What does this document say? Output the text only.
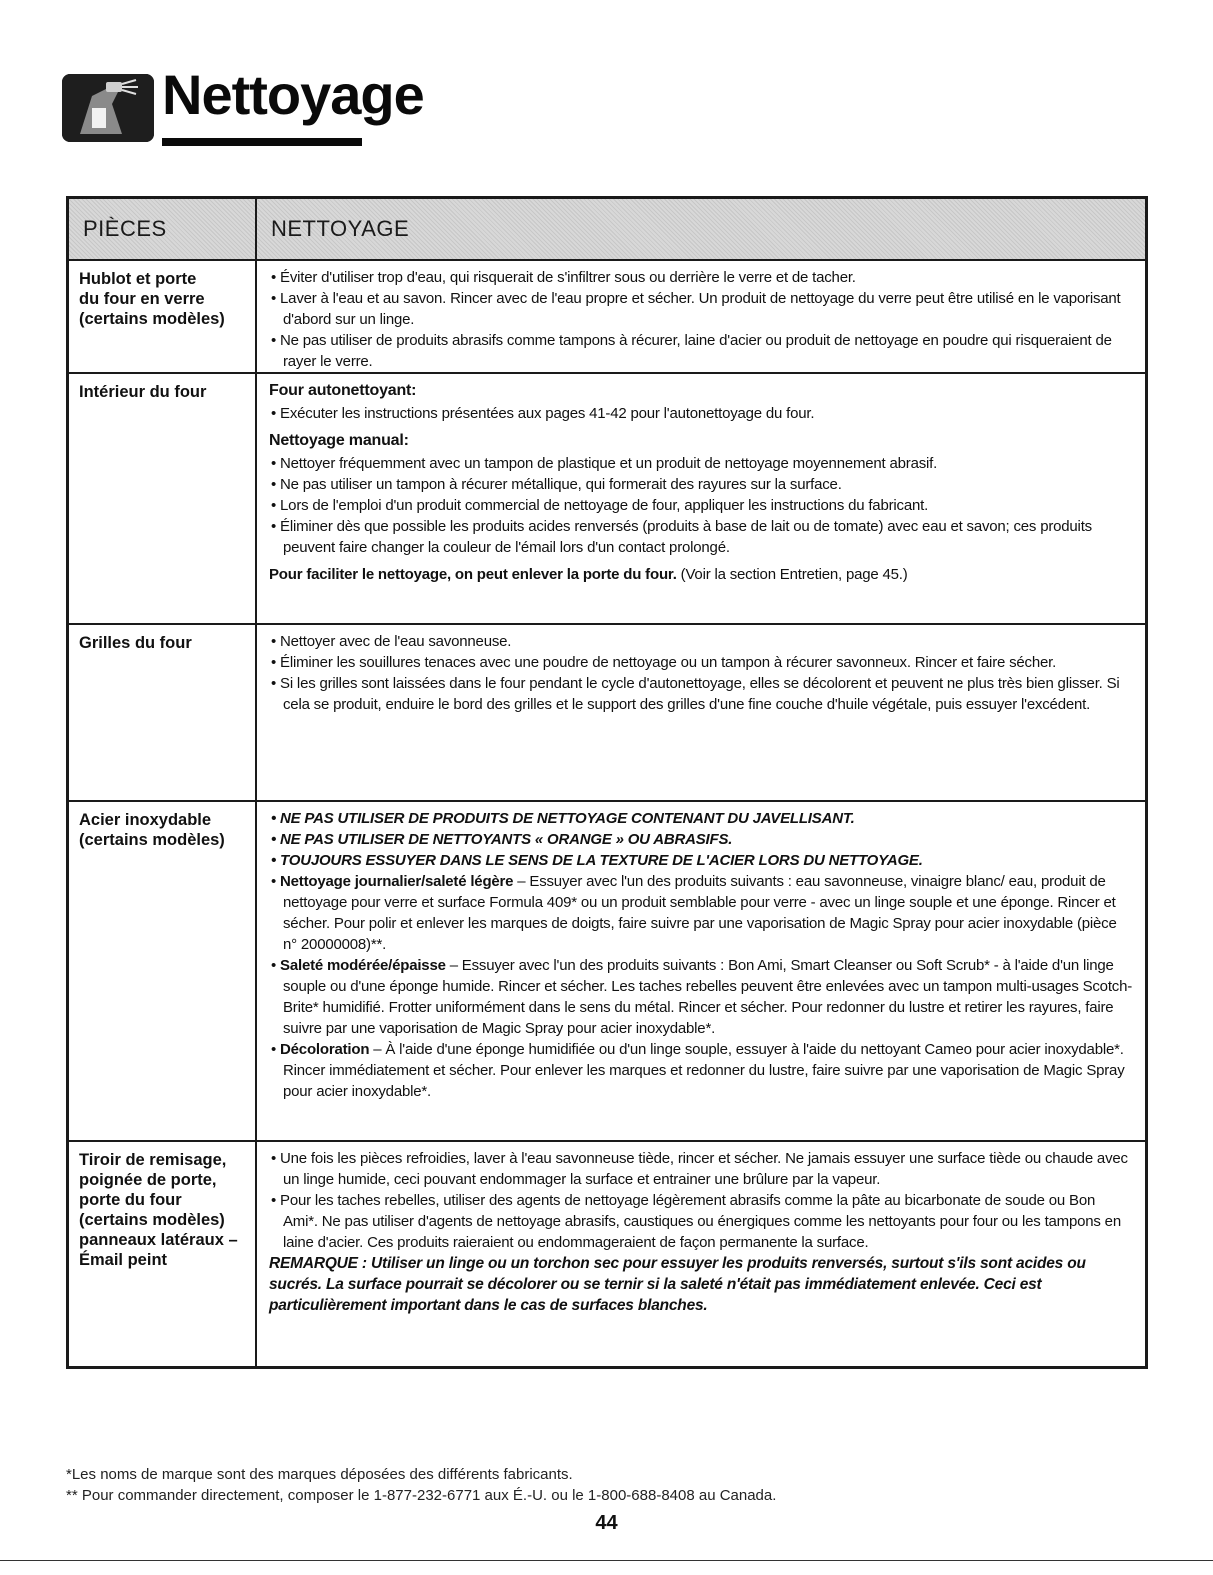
Nettoyage
PIÈCES	NETTOYAGE
Hublot et porte
du four en verre
(certains modèles)

• Éviter d'utiliser trop d'eau, qui risquerait de s'infiltrer sous ou derrière le verre et de tacher.

• Laver à l'eau et au savon. Rincer avec de l'eau propre et sécher. Un produit de nettoyage du verre peut être utilisé en le vaporisant d'abord sur un linge.

• Ne pas utiliser de produits abrasifs comme tampons à récurer, laine d'acier ou produit de nettoyage en poudre qui risqueraient de rayer le verre.

Intérieur du four	Four autonettoyant:

• Exécuter les instructions présentées aux pages 41-42 pour l'autonettoyage du four.

Nettoyage manual:

• Nettoyer fréquemment avec un tampon de plastique et un produit de nettoyage moyennement abrasif.

• Ne pas utiliser un tampon à récurer métallique, qui formerait des rayures sur la surface.

• Lors de l'emploi d'un produit commercial de nettoyage de four, appliquer les instructions du fabricant.

• Éliminer dès que possible les produits acides renversés (produits à base de lait ou de tomate) avec eau et savon; ces produits peuvent faire changer la couleur de l'émail lors d'un contact prolongé.

Pour faciliter le nettoyage, on peut enlever la porte du four. (Voir la section Entretien, page 45.)

Grilles du four

•	Nettoyer avec de l'eau savonneuse.

• Éliminer les souillures tenaces avec une poudre de nettoyage ou un tampon à récurer savonneux. Rincer et faire sécher.

• Si les grilles sont laissées dans le four pendant le cycle d'autonettoyage, elles se décolorent et peuvent ne plus très bien glisser. Si cela se produit, enduire le bord des grilles et le support des grilles d'une fine couche d'huile végétale, puis essuyer l'excédent.

Acier inoxydable
(certains modèles)

• NE PAS UTILISER DE PRODUITS DE NETTOYAGE CONTENANT DU JAVELLISANT.

• NE PAS UTILISER DE NETTOYANTS « ORANGE » OU ABRASIFS.

• TOUJOURS ESSUYER DANS LE SENS DE LA TEXTURE DE L'ACIER LORS DU NETTOYAGE.

• Nettoyage journalier/saleté légère – Essuyer avec l'un des produits suivants : eau savonneuse, vinaigre blanc/ eau, produit de nettoyage pour verre et surface Formula 409* ou un produit semblable pour verre - avec un linge souple et une éponge. Rincer et sécher. Pour polir et enlever les marques de doigts, faire suivre par une vaporisation de Magic Spray pour acier inoxydable (pièce n° 20000008)**.

• Saleté modérée/épaisse – Essuyer avec l'un des produits suivants : Bon Ami, Smart Cleanser ou Soft Scrub* - à l'aide d'un linge souple ou d'une éponge humide. Rincer et sécher. Les taches rebelles peuvent être enlevées avec un tampon multi-usages Scotch-Brite* humidifié. Frotter uniformément dans le sens du métal. Rincer et sécher. Pour redonner du lustre et retirer les rayures, faire suivre par une vaporisation de Magic Spray pour acier inoxydable*.

• Décoloration – À l'aide d'une éponge humidifiée ou d'un linge souple, essuyer à l'aide du nettoyant Cameo pour acier inoxydable*. Rincer immédiatement et sécher. Pour enlever les marques et redonner du lustre, faire suivre par une vaporisation de Magic Spray pour acier inoxydable*.

Tiroir de remisage,
poignée de porte,
porte du four
(certains modèles)
panneaux latéraux –
Émail peint

• Une fois les pièces refroidies, laver à l'eau savonneuse tiède, rincer et sécher. Ne jamais essuyer une surface tiède ou chaude avec un linge humide, ceci pouvant endommager la surface et entrainer une brûlure par la vapeur.

• Pour les taches rebelles, utiliser des agents de nettoyage légèrement abrasifs comme la pâte au bicarbonate de soude ou Bon Ami*. Ne pas utiliser d'agents de nettoyage abrasifs, caustiques ou énergiques comme les nettoyants pour four ou les tampons en laine d'acier. Ces produits raieraient ou endommageraient de façon permanente la surface.

REMARQUE : Utiliser un linge ou un torchon sec pour essuyer les produits renversés, surtout s'ils sont acides ou sucrés. La surface pourrait se décolorer ou se ternir si la saleté n'était pas immédiatement enlevée. Ceci est particulièrement important dans le cas de surfaces blanches.

*Les noms de marque sont des marques déposées des différents fabricants.
** Pour commander directement, composer le 1-877-232-6771 aux É.-U. ou le 1-800-688-8408 au Canada.
44
